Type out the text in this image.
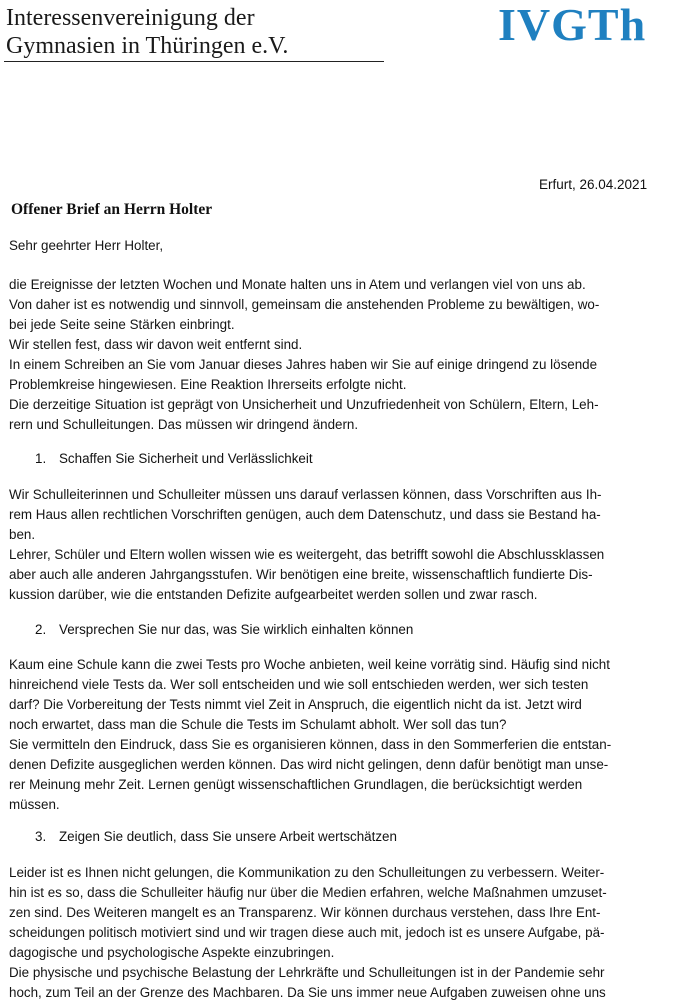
Interessenvereinigung der
Gymnasien in Thüringen e.V.	IVGTh
Erfurt, 26.04.2021
Offener Brief an Herrn Holter
Sehr geehrter Herr Holter,
die Ereignisse der letzten Wochen und Monate halten uns in Atem und verlangen viel von uns ab.
Von daher ist es notwendig und sinnvoll, gemeinsam die anstehenden Probleme zu bewältigen, wo-
bei jede Seite seine Stärken einbringt.
Wir stellen fest, dass wir davon weit entfernt sind.
In einem Schreiben an Sie vom Januar dieses Jahres haben wir Sie auf einige dringend zu lösende
Problemkreise hingewiesen. Eine Reaktion Ihrerseits erfolgte nicht.
Die derzeitige Situation ist geprägt von Unsicherheit und Unzufriedenheit von Schülern, Eltern, Leh-
rern und Schulleitungen. Das müssen wir dringend ändern.
1. Schaffen Sie Sicherheit und Verlässlichkeit
Wir Schulleiterinnen und Schulleiter müssen uns darauf verlassen können, dass Vorschriften aus Ih-
rem Haus allen rechtlichen Vorschriften genügen, auch dem Datenschutz, und dass sie Bestand ha-
ben.
Lehrer, Schüler und Eltern wollen wissen wie es weitergeht, das betrifft sowohl die Abschlussklassen
aber auch alle anderen Jahrgangsstufen. Wir benötigen eine breite, wissenschaftlich fundierte Dis-
kussion darüber, wie die entstanden Defizite aufgearbeitet werden sollen und zwar rasch.
2. Versprechen Sie nur das, was Sie wirklich einhalten können
Kaum eine Schule kann die zwei Tests pro Woche anbieten, weil keine vorrätig sind. Häufig sind nicht
hinreichend viele Tests da. Wer soll entscheiden und wie soll entschieden werden, wer sich testen
darf? Die Vorbereitung der Tests nimmt viel Zeit in Anspruch, die eigentlich nicht da ist. Jetzt wird
noch erwartet, dass man die Schule die Tests im Schulamt abholt. Wer soll das tun?
Sie vermitteln den Eindruck, dass Sie es organisieren können, dass in den Sommerferien die entstan-
denen Defizite ausgeglichen werden können. Das wird nicht gelingen, denn dafür benötigt man unse-
rer Meinung mehr Zeit. Lernen genügt wissenschaftlichen Grundlagen, die berücksichtigt werden
müssen.
3. Zeigen Sie deutlich, dass Sie unsere Arbeit wertschätzen
Leider ist es Ihnen nicht gelungen, die Kommunikation zu den Schulleitungen zu verbessern. Weiter-
hin ist es so, dass die Schulleiter häufig nur über die Medien erfahren, welche Maßnahmen umzuset-
zen sind. Des Weiteren mangelt es an Transparenz. Wir können durchaus verstehen, dass Ihre Ent-
scheidungen politisch motiviert sind und wir tragen diese auch mit, jedoch ist es unsere Aufgabe, pä-
dagogische und psychologische Aspekte einzubringen.
Die physische und psychische Belastung der Lehrkräfte und Schulleitungen ist in der Pandemie sehr
hoch, zum Teil an der Grenze des Machbaren. Da Sie uns immer neue Aufgaben zuweisen ohne uns
